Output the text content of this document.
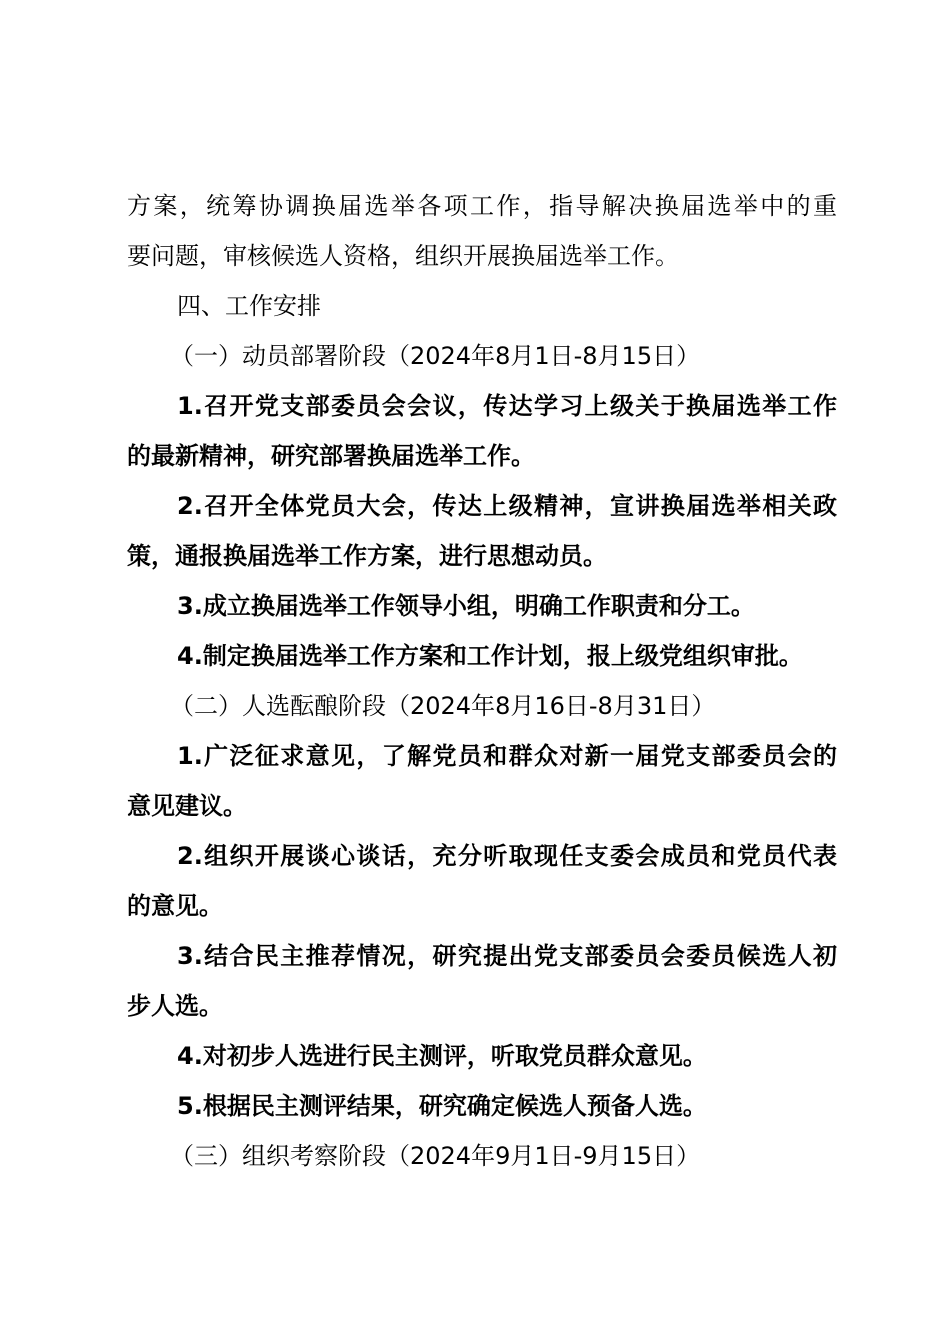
方案，统筹协调换届选举各项工作，指导解决换届选举中的重
要问题，审核候选人资格，组织开展换届选举工作。
四、工作安排
（一）动员部署阶段（2024年8月1日-8月15日）
1.召开党支部委员会会议，传达学习上级关于换届选举工作
的最新精神，研究部署换届选举工作。
2.召开全体党员大会，传达上级精神，宣讲换届选举相关政
策，通报换届选举工作方案，进行思想动员。
3.成立换届选举工作领导小组，明确工作职责和分工。
4.制定换届选举工作方案和工作计划，报上级党组织审批。
（二）人选酝酿阶段（2024年8月16日-8月31日）
1.广泛征求意见，了解党员和群众对新一届党支部委员会的
意见建议。
2.组织开展谈心谈话，充分听取现任支委会成员和党员代表
的意见。
3.结合民主推荐情况，研究提出党支部委员会委员候选人初
步人选。
4.对初步人选进行民主测评，听取党员群众意见。
5.根据民主测评结果，研究确定候选人预备人选。
（三）组织考察阶段（2024年9月1日-9月15日）
